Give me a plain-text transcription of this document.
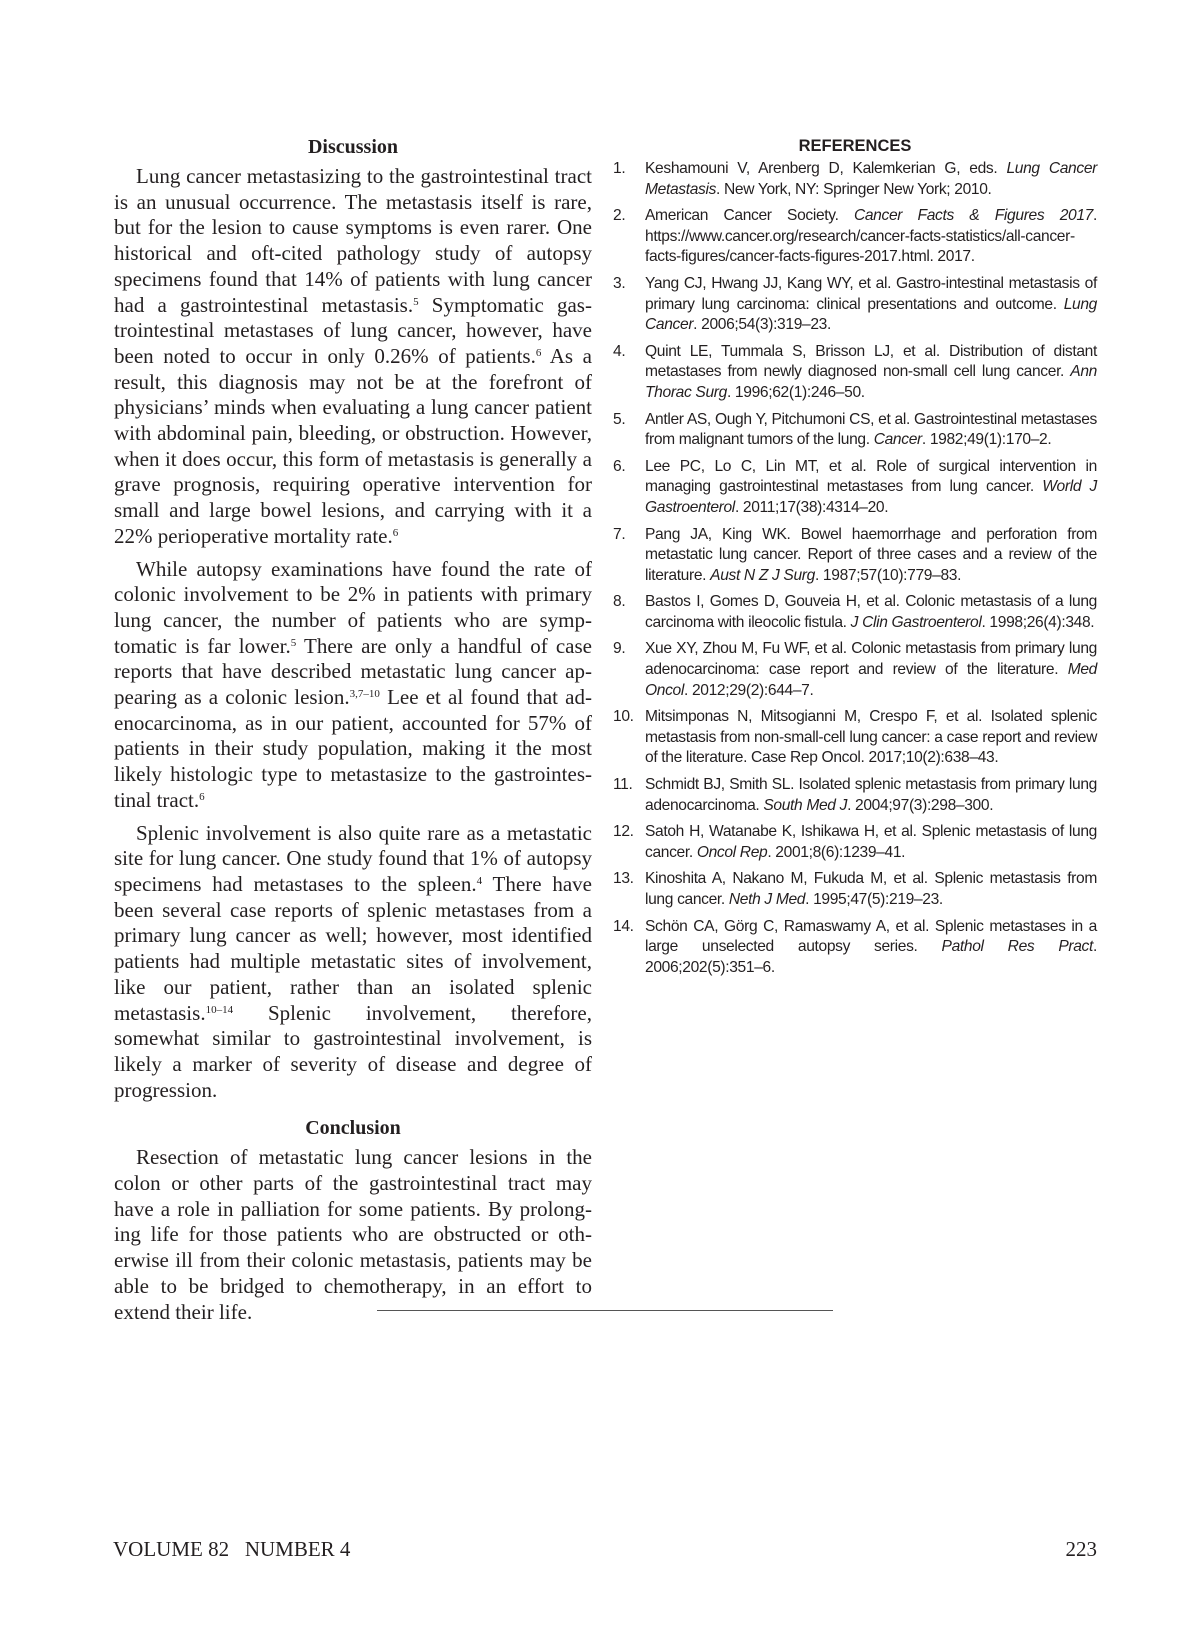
Discussion

Lung cancer metastasizing to the gastrointestinal tract is an unusual occurrence. The metastasis itself is rare, but for the lesion to cause symptoms is even rarer. One historical and oft-cited pathology study of autopsy specimens found that 14% of patients with lung cancer had a gastrointestinal metastasis.$^5$ Symptomatic gastrointestinal metastases of lung cancer, however, have been noted to occur in only 0.26% of patients.$^6$ As a result, this diagnosis may not be at the forefront of physicians’ minds when evaluating a lung cancer patient with abdominal pain, bleeding, or obstruction. However, when it does occur, this form of metastasis is generally a grave prognosis, requiring operative intervention for small and large bowel lesions, and carrying with it a 22% perioperative mortality rate.$^6$

While autopsy examinations have found the rate of colonic involvement to be 2% in patients with primary lung cancer, the number of patients who are symptomatic is far lower.$^5$ There are only a handful of case reports that have described metastatic lung cancer appearing as a colonic lesion.$^{3,7-10}$ Lee et al found that adenocarcinoma, as in our patient, accounted for 57% of patients in their study population, making it the most likely histologic type to metastasize to the gastrointestinal tract.$^6$

Splenic involvement is also quite rare as a metastatic site for lung cancer. One study found that 1% of autopsy specimens had metastases to the spleen.$^4$ There have been several case reports of splenic metastases from a primary lung cancer as well; however, most identified patients had multiple metastatic sites of involvement, like our patient, rather than an isolated splenic metastasis.$^{10-14}$ Splenic involvement, therefore, somewhat similar to gastrointestinal involvement, is likely a marker of severity of disease and degree of progression.

Conclusion

Resection of metastatic lung cancer lesions in the colon or other parts of the gastrointestinal tract may have a role in palliation for some patients. By prolonging life for those patients who are obstructed or otherwise ill from their colonic metastasis, patients may be able to be bridged to chemotherapy, in an effort to extend their life.

REFERENCES
1. Keshamouni V, Arenberg D, Kalemkerian G, eds. Lung Cancer Metastasis. New York, NY: Springer New York; 2010.
2. American Cancer Society. Cancer Facts & Figures 2017. https://www.cancer.org/research/cancer-facts-statistics/all-cancer-facts-figures/cancer-facts-figures-2017.html. 2017.
3. Yang CJ, Hwang JJ, Kang WY, et al. Gastro-intestinal metastasis of primary lung carcinoma: clinical presentations and outcome. Lung Cancer. 2006;54(3):319–23.
4. Quint LE, Tummala S, Brisson LJ, et al. Distribution of distant metastases from newly diagnosed non-small cell lung cancer. Ann Thorac Surg. 1996;62(1):246–50.
5. Antler AS, Ough Y, Pitchumoni CS, et al. Gastrointestinal metastases from malignant tumors of the lung. Cancer. 1982;49(1):170–2.
6. Lee PC, Lo C, Lin MT, et al. Role of surgical intervention in managing gastrointestinal metastases from lung cancer. World J Gastroenterol. 2011;17(38):4314–20.
7. Pang JA, King WK. Bowel haemorrhage and perforation from metastatic lung cancer. Report of three cases and a review of the literature. Aust N Z J Surg. 1987;57(10):779–83.
8. Bastos I, Gomes D, Gouveia H, et al. Colonic metastasis of a lung carcinoma with ileocolic fistula. J Clin Gastroenterol. 1998;26(4):348.
9. Xue XY, Zhou M, Fu WF, et al. Colonic metastasis from primary lung adenocarcinoma: case report and review of the literature. Med Oncol. 2012;29(2):644–7.
10. Mitsimponas N, Mitsogianni M, Crespo F, et al. Isolated splenic metastasis from non-small-cell lung cancer: a case report and review of the literature. Case Rep Oncol. 2017;10(2):638–43.
11. Schmidt BJ, Smith SL. Isolated splenic metastasis from primary lung adenocarcinoma. South Med J. 2004;97(3):298–300.
12. Satoh H, Watanabe K, Ishikawa H, et al. Splenic metastasis of lung cancer. Oncol Rep. 2001;8(6):1239–41.
13. Kinoshita A, Nakano M, Fukuda M, et al. Splenic metastasis from lung cancer. Neth J Med. 1995;47(5):219–23.
14. Schön CA, Görg C, Ramaswamy A, et al. Splenic metastases in a large unselected autopsy series. Pathol Res Pract. 2006;202(5):351–6.
VOLUME 82   NUMBER 4	223
